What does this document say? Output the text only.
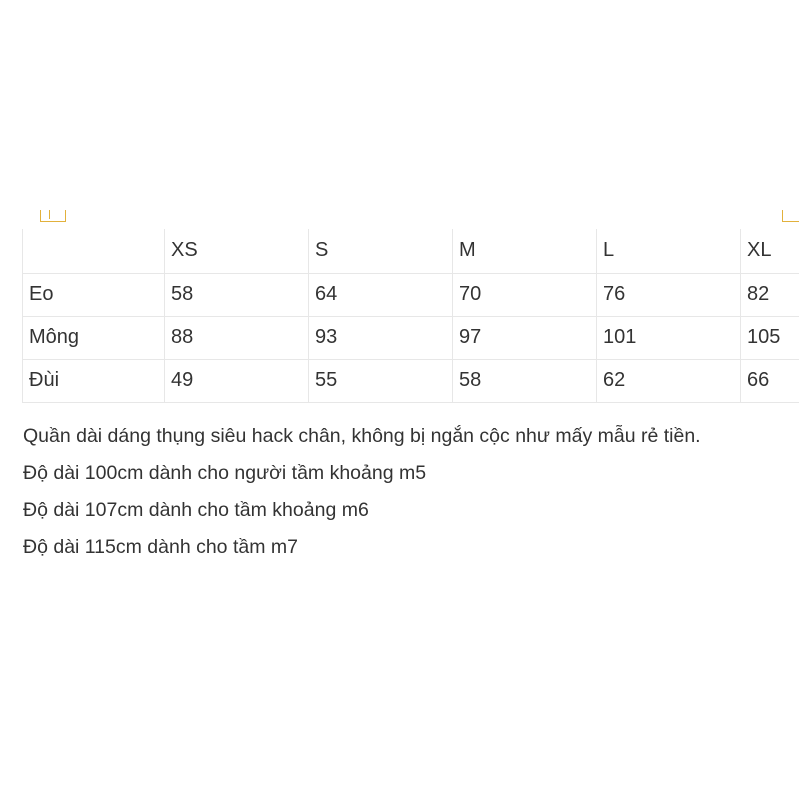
	XS	S	M	L	XL
Eo	58	64	70	76	82
Mông	88	93	97	101	105
Đùi	49	55	58	62	66
Quần dài dáng thụng siêu hack chân, không bị ngắn cộc như mấy mẫu rẻ tiền.
Độ dài 100cm dành cho người tầm khoảng m5
Độ dài 107cm dành cho tầm khoảng m6
Độ dài 115cm dành cho tầm m7
